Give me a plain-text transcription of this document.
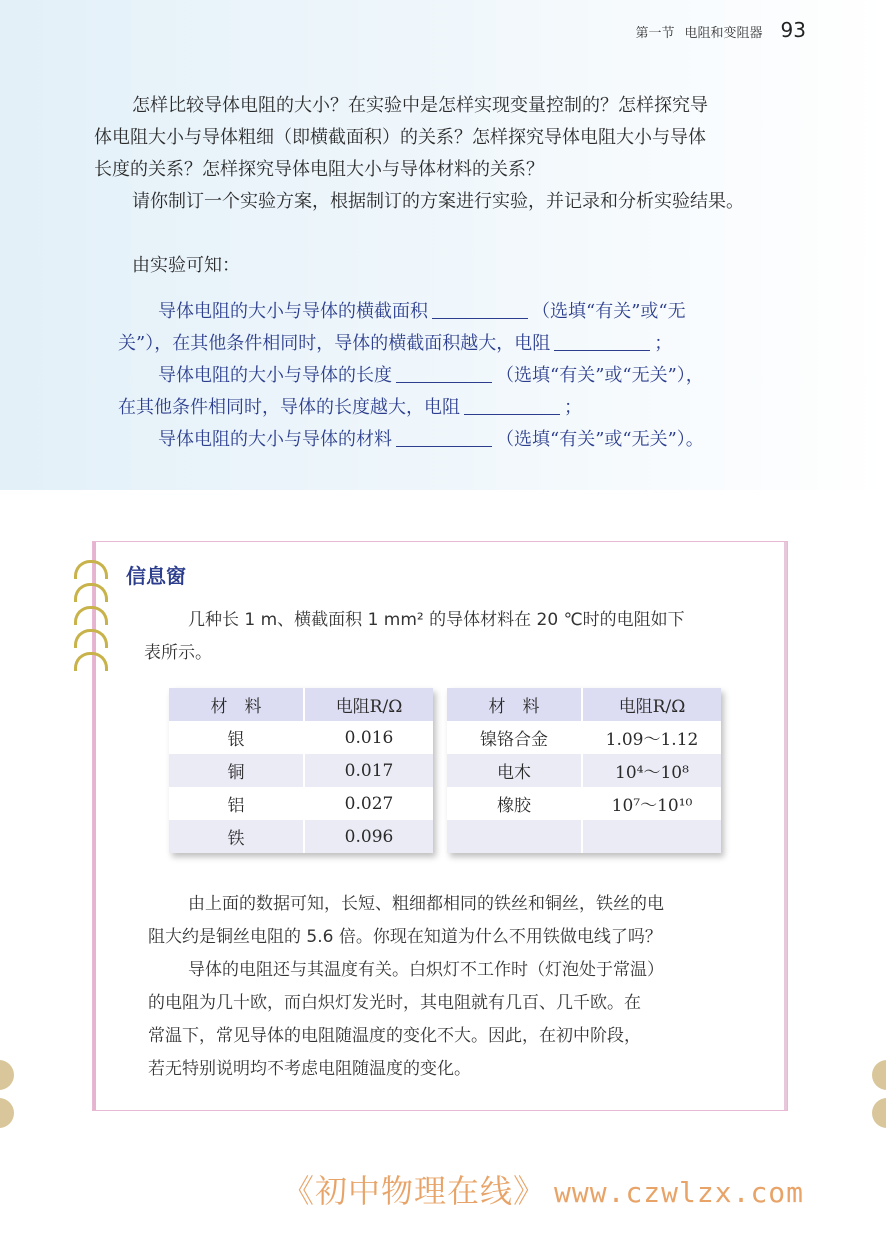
第一节 电阻和变阻器 93

怎样比较导体电阻的大小？在实验中是怎样实现变量控制的？怎样探究导

体电阻大小与导体粗细（即横截面积）的关系？怎样探究导体电阻大小与导体

长度的关系？怎样探究导体电阻大小与导体材料的关系？

请你制订一个实验方案，根据制订的方案进行实验，并记录和分析实验结果。

由实验可知：

导体电阻的大小与导体的横截面积	（选填“有关”或“无

关”），在其他条件相同时，导体的横截面积越大，电阻	；

导体电阻的大小与导体的长度	（选填“有关”或“无关”），

在其他条件相同时，导体的长度越大，电阻	；

导体电阻的大小与导体的材料	（选填“有关”或“无关”）。

信息窗

几种长 1 m、横截面积 1 mm² 的导体材料在 20 ℃时的电阻如下

表所示。

材　料	电阻R/Ω
银	0.016
铜	0.017
铝	0.027
铁	0.096
材　料	电阻R/Ω
镍铬合金	1.09～1.12
电木	10⁴～10⁸
橡胶	10⁷～10¹⁰

由上面的数据可知，长短、粗细都相同的铁丝和铜丝，铁丝的电

阻大约是铜丝电阻的 5.6 倍。你现在知道为什么不用铁做电线了吗？

导体的电阻还与其温度有关。白炽灯不工作时（灯泡处于常温）

的电阻为几十欧，而白炽灯发光时，其电阻就有几百、几千欧。在

常温下，常见导体的电阻随温度的变化不大。因此，在初中阶段，

若无特别说明均不考虑电阻随温度的变化。

《初中物理在线》 www.czwlzx.com
